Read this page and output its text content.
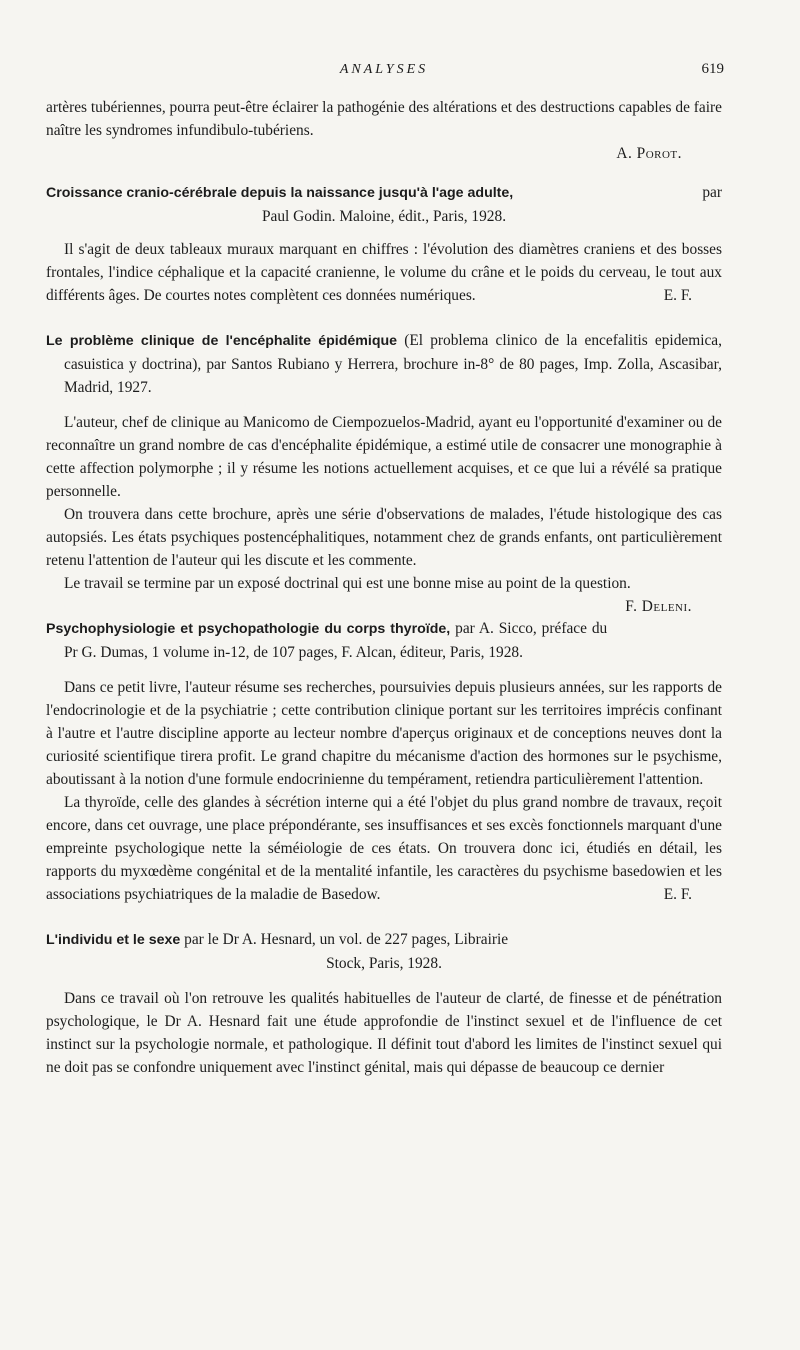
ANALYSES	619

artères tubériennes, pourra peut-être éclairer la pathogénie des altérations et des destructions capables de faire naître les syndromes infundibulo-tubériens.

A. Porot.
Croissance cranio-cérébrale depuis la naissance jusqu'à l'age adulte,	par
Paul Godin. Maloine, édit., Paris, 1928.

Il s'agit de deux tableaux muraux marquant en chiffres : l'évolution des diamètres craniens et des bosses frontales, l'indice céphalique et la capacité cranienne, le volume du crâne et le poids du cerveau, le tout aux différents âges. De courtes notes complètent ces données numériques.	E. F.

Le problème clinique de l'encéphalite épidémique (El problema clinico de la encefalitis epidemica, casuistica y doctrina), par Santos Rubiano y Herrera, brochure in-8° de 80 pages, Imp. Zolla, Ascasibar, Madrid, 1927.

L'auteur, chef de clinique au Manicomo de Ciempozuelos-Madrid, ayant eu l'opportunité d'examiner ou de reconnaître un grand nombre de cas d'encéphalite épidémique, a estimé utile de consacrer une monographie à cette affection polymorphe ; il y résume les notions actuellement acquises, et ce que lui a révélé sa pratique personnelle.

On trouvera dans cette brochure, après une série d'observations de malades, l'étude histologique des cas autopsiés. Les états psychiques postencéphalitiques, notamment chez de grands enfants, ont particulièrement retenu l'attention de l'auteur qui les discute et les commente.

Le travail se termine par un exposé doctrinal qui est une bonne mise au point de la question.
F. Deleni.

Psychophysiologie et psychopathologie du corps thyroïde, par A. Sicco, préface du Pr G. Dumas, 1 volume in-12, de 107 pages, F. Alcan, éditeur, Paris, 1928.

Dans ce petit livre, l'auteur résume ses recherches, poursuivies depuis plusieurs années, sur les rapports de l'endocrinologie et de la psychiatrie ; cette contribution clinique portant sur les territoires imprécis confinant à l'autre et l'autre discipline apporte au lecteur nombre d'aperçus originaux et de conceptions neuves dont la curiosité scientifique tirera profit. Le grand chapitre du mécanisme d'action des hormones sur le psychisme, aboutissant à la notion d'une formule endocrinienne du tempérament, retiendra particulièrement l'attention.

La thyroïde, celle des glandes à sécrétion interne qui a été l'objet du plus grand nombre de travaux, reçoit encore, dans cet ouvrage, une place prépondérante, ses insuffisances et ses excès fonctionnels marquant d'une empreinte psychologique nette la séméiologie de ces états. On trouvera donc ici, étudiés en détail, les rapports du myxœdème congénital et de la mentalité infantile, les caractères du psychisme basedowien et les associations psychiatriques de la maladie de Basedow.	E. F.

L'individu et le sexe par le Dr A. Hesnard, un vol. de 227 pages, Librairie
Stock, Paris, 1928.

Dans ce travail où l'on retrouve les qualités habituelles de l'auteur de clarté, de finesse et de pénétration psychologique, le Dr A. Hesnard fait une étude approfondie de l'instinct sexuel et de l'influence de cet instinct sur la psychologie normale, et pathologique. Il définit tout d'abord les limites de l'instinct sexuel qui ne doit pas se confondre uniquement avec l'instinct génital, mais qui dépasse de beaucoup ce dernier
